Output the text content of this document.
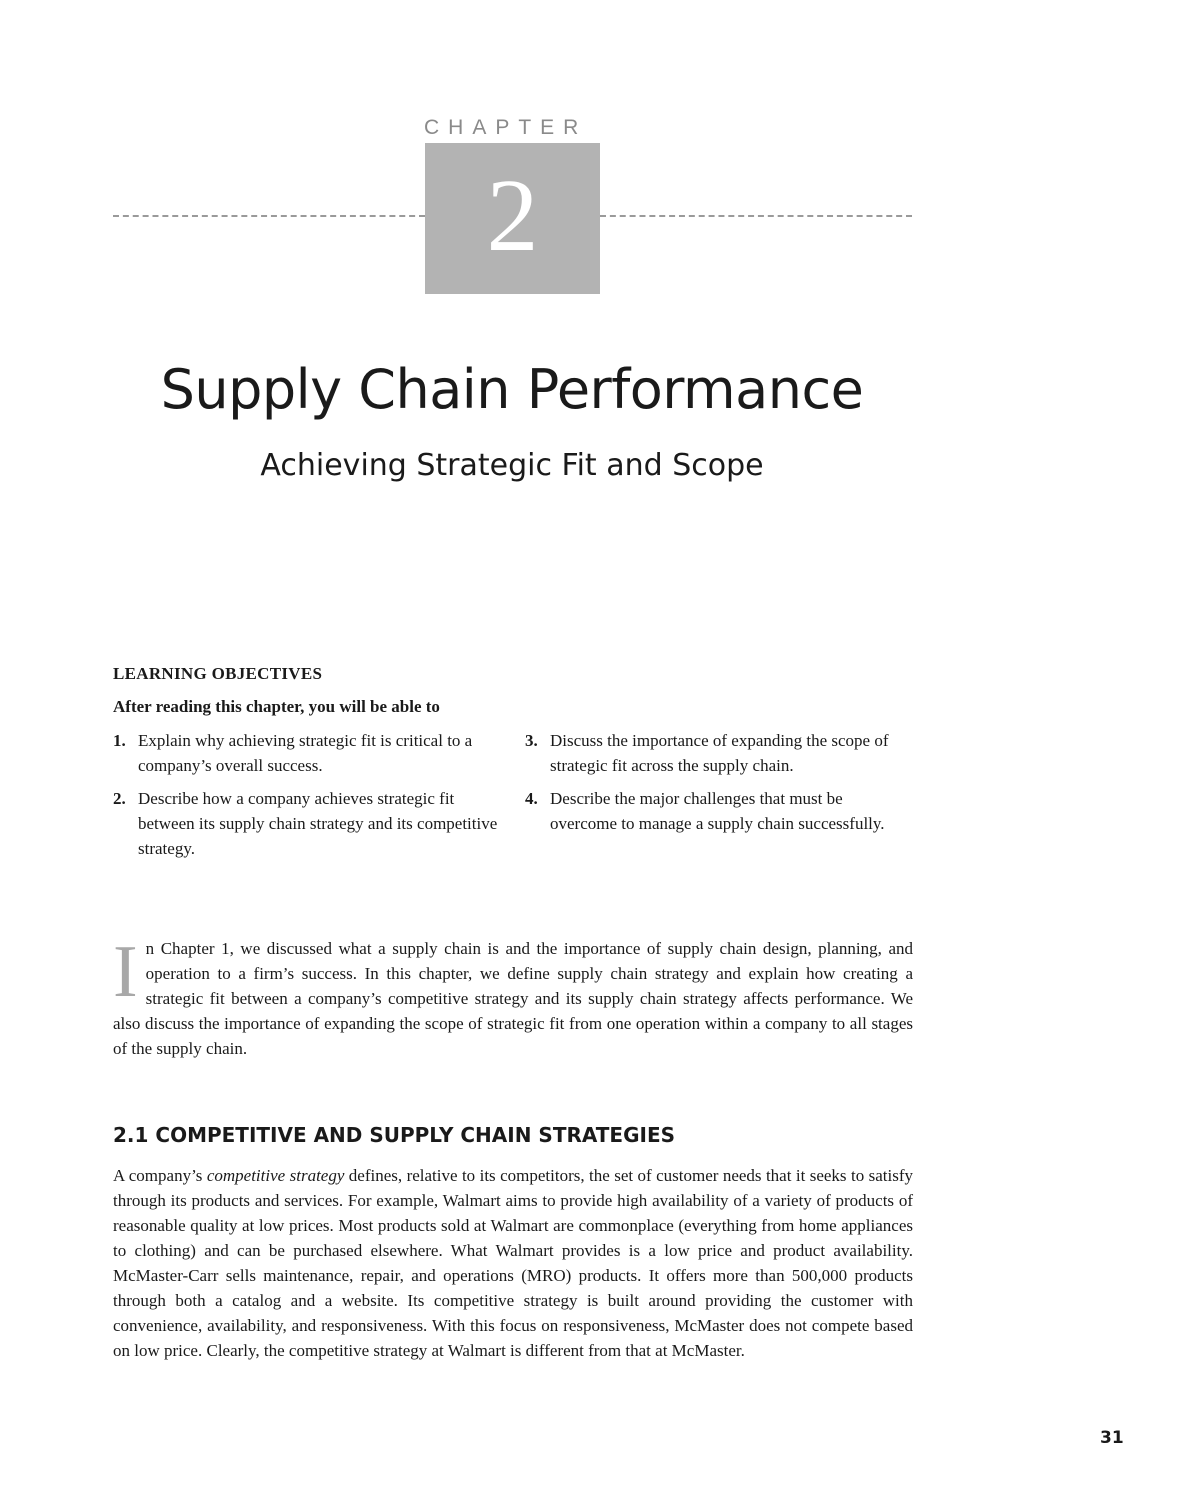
CHAPTER
2
Supply Chain Performance
Achieving Strategic Fit and Scope
LEARNING OBJECTIVES
After reading this chapter, you will be able to
1. Explain why achieving strategic fit is critical to a company’s overall success.
2. Describe how a company achieves strategic fit between its supply chain strategy and its competitive strategy.
3. Discuss the importance of expanding the scope of strategic fit across the supply chain.
4. Describe the major challenges that must be overcome to manage a supply chain successfully.

In Chapter 1, we discussed what a supply chain is and the importance of supply chain design, planning, and operation to a firm’s success. In this chapter, we define supply chain strategy and explain how creating a strategic fit between a company’s competitive strategy and its supply chain strategy affects performance. We also discuss the importance of expanding the scope of strategic fit from one operation within a company to all stages of the supply chain.

2.1 COMPETITIVE AND SUPPLY CHAIN STRATEGIES

A company’s competitive strategy defines, relative to its competitors, the set of customer needs that it seeks to satisfy through its products and services. For example, Walmart aims to provide high availability of a variety of products of reasonable quality at low prices. Most products sold at Walmart are commonplace (everything from home appliances to clothing) and can be purchased elsewhere. What Walmart provides is a low price and product availability. McMaster-Carr sells maintenance, repair, and operations (MRO) products. It offers more than 500,000 products through both a catalog and a website. Its competitive strategy is built around providing the customer with convenience, availability, and responsiveness. With this focus on responsiveness, McMaster does not compete based on low price. Clearly, the competitive strategy at Walmart is different from that at McMaster.

31
